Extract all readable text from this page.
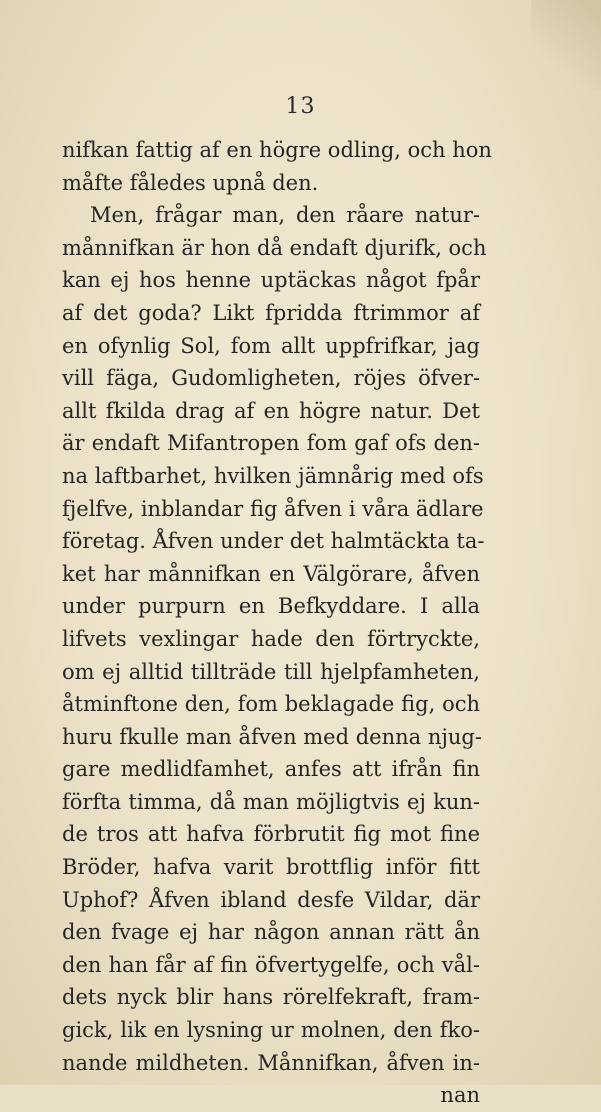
13
nifkan fattig af en högre odling, och hon
måfte fåledes upnå den.
Men, frågar man, den råare natur-
månnifkan är hon då endaft djurifk, och
kan ej hos henne uptäckas något fpår
af det goda? Likt fpridda ftrimmor af
en ofynlig Sol, fom allt uppfrifkar, jag
vill fäga, Gudomligheten, röjes öfver-
allt fkilda drag af en högre natur. Det
är endaft Mifantropen fom gaf ofs den-
na laftbarhet, hvilken jämnårig med ofs
fjelfve, inblandar fig åfven i våra ädlare
företag. Åfven under det halmtäckta ta-
ket har månnifkan en Välgörare, åfven
under purpurn en Befkyddare. I alla
lifvets vexlingar hade den förtryckte,
om ej alltid tillträde till hjelpfamheten,
åtminftone den, fom beklagade fig, och
huru fkulle man åfven med denna njug-
gare medlidfamhet, anfes att ifrån fin
förfta timma, då man möjligtvis ej kun-
de tros att hafva förbrutit fig mot fine
Bröder, hafva varit brottflig inför fitt
Uphof? Åfven ibland desfe Vildar, där
den fvage ej har någon annan rätt ån
den han får af fin öfvertygelfe, och vål-
dets nyck blir hans rörelfekraft, fram-
gick, lik en lysning ur molnen, den fko-
nande mildheten. Månnifkan, åfven in-
nan
